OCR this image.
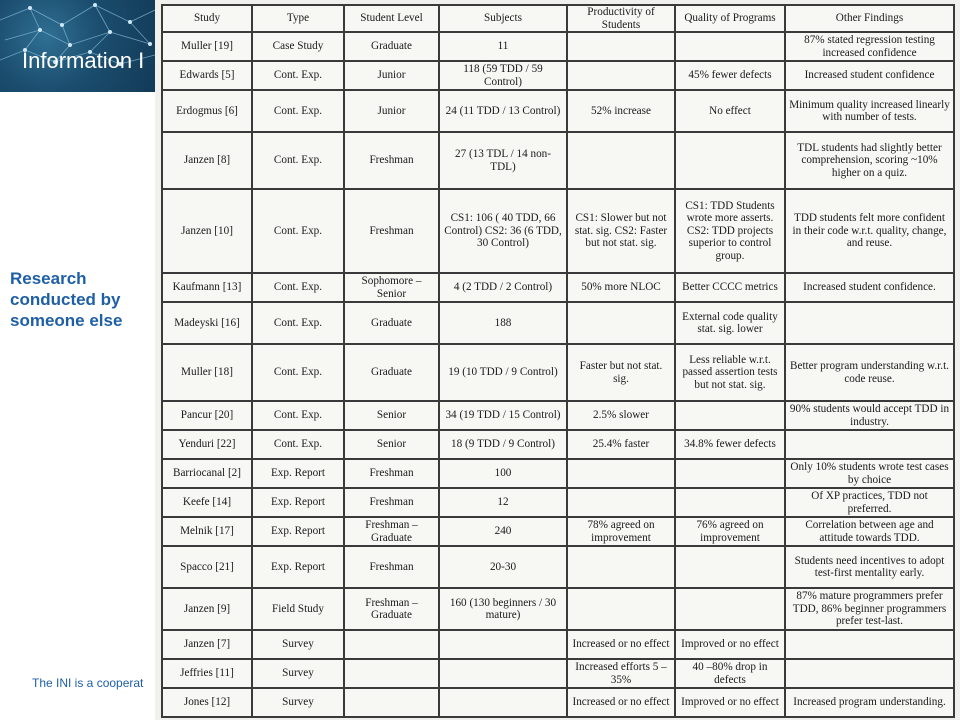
Information I
Research
conducted by
someone else
The INI is a cooperat
Study	Type	Student Level	Subjects	Productivity of Students	Quality of Programs	Other Findings
Muller [19]	Case Study	Graduate	11			87% stated regression testing increased confidence
Edwards [5]	Cont. Exp.	Junior	118 (59 TDD / 59 Control)		45% fewer defects	Increased student confidence
Erdogmus [6]	Cont. Exp.	Junior	24 (11 TDD / 13 Control)	52% increase	No effect	Minimum quality increased linearly with number of tests.
Janzen [8]	Cont. Exp.	Freshman	27 (13 TDL / 14 non-TDL)			TDL students had slightly better comprehension, scoring ~10% higher on a quiz.
Janzen [10]	Cont. Exp.	Freshman	CS1: 106 ( 40 TDD, 66 Control) CS2: 36 (6 TDD, 30 Control)	CS1: Slower but not stat. sig. CS2: Faster but not stat. sig.	CS1: TDD Students wrote more asserts. CS2: TDD projects superior to control group.	TDD students felt more confident in their code w.r.t. quality, change, and reuse.
Kaufmann [13]	Cont. Exp.	Sophomore – Senior	4 (2 TDD / 2 Control)	50% more NLOC	Better CCCC metrics	Increased student confidence.
Madeyski [16]	Cont. Exp.	Graduate	188		External code quality stat. sig. lower	
Muller [18]	Cont. Exp.	Graduate	19 (10 TDD / 9 Control)	Faster but not stat. sig.	Less reliable w.r.t. passed assertion tests but not stat. sig.	Better program understanding w.r.t. code reuse.
Pancur [20]	Cont. Exp.	Senior	34 (19 TDD / 15 Control)	2.5% slower		90% students would accept TDD in industry.
Yenduri [22]	Cont. Exp.	Senior	18 (9 TDD / 9 Control)	25.4% faster	34.8% fewer defects	
Barriocanal [2]	Exp. Report	Freshman	100			Only 10% students wrote test cases by choice
Keefe [14]	Exp. Report	Freshman	12			Of XP practices, TDD not preferred.
Melnik [17]	Exp. Report	Freshman – Graduate	240	78% agreed on improvement	76% agreed on improvement	Correlation between age and attitude towards TDD.
Spacco [21]	Exp. Report	Freshman	20-30			Students need incentives to adopt test-first mentality early.
Janzen [9]	Field Study	Freshman – Graduate	160 (130 beginners / 30 mature)			87% mature programmers prefer TDD, 86% beginner programmers prefer test-last.
Janzen [7]	Survey			Increased or no effect	Improved or no effect	
Jeffries [11]	Survey			Increased efforts 5 –35%	40 –80% drop in defects	
Jones [12]	Survey			Increased or no effect	Improved or no effect	Increased program understanding.
